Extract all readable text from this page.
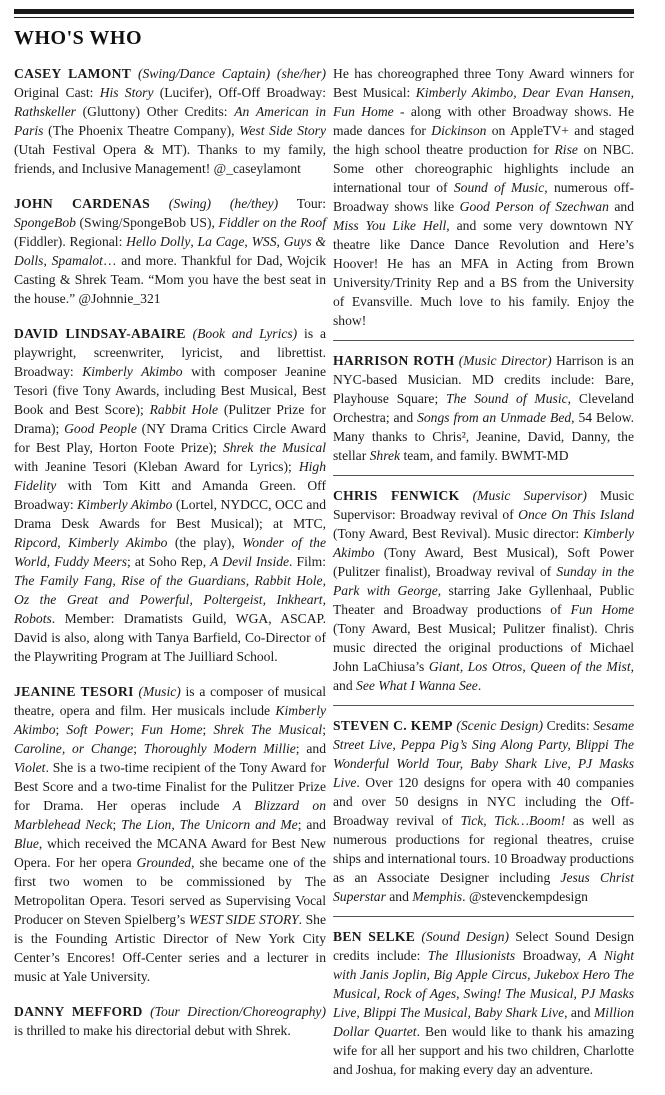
WHO'S WHO

CASEY LAMONT (Swing/Dance Captain) (she/her) Original Cast: His Story (Lucifer), Off-Off Broadway: Rathskeller (Gluttony) Other Credits: An American in Paris (The Phoenix Theatre Company), West Side Story (Utah Festival Opera & MT). Thanks to my family, friends, and Inclusive Management! @_caseylamont

JOHN CARDENAS (Swing) (he/they) Tour: SpongeBob (Swing/SpongeBob US), Fiddler on the Roof (Fiddler). Regional: Hello Dolly, La Cage, WSS, Guys & Dolls, Spamalot… and more. Thankful for Dad, Wojcik Casting & Shrek Team. “Mom you have the best seat in the house.” @Johnnie_321

DAVID LINDSAY-ABAIRE (Book and Lyrics) is a playwright, screenwriter, lyricist, and librettist. Broadway: Kimberly Akimbo with composer Jeanine Tesori (five Tony Awards, including Best Musical, Best Book and Best Score); Rabbit Hole (Pulitzer Prize for Drama); Good People (NY Drama Critics Circle Award for Best Play, Horton Foote Prize); Shrek the Musical with Jeanine Tesori (Kleban Award for Lyrics); High Fidelity with Tom Kitt and Amanda Green. Off Broadway: Kimberly Akimbo (Lortel, NYDCC, OCC and Drama Desk Awards for Best Musical); at MTC, Ripcord, Kimberly Akimbo (the play), Wonder of the World, Fuddy Meers; at Soho Rep, A Devil Inside. Film: The Family Fang, Rise of the Guardians, Rabbit Hole, Oz the Great and Powerful, Poltergeist, Inkheart, Robots. Member: Dramatists Guild, WGA, ASCAP. David is also, along with Tanya Barfield, Co-Director of the Playwriting Program at The Juilliard School.

JEANINE TESORI (Music) is a composer of musical theatre, opera and film. Her musicals include Kimberly Akimbo; Soft Power; Fun Home; Shrek The Musical; Caroline, or Change; Thoroughly Modern Millie; and Violet. She is a two-time recipient of the Tony Award for Best Score and a two-time Finalist for the Pulitzer Prize for Drama. Her operas include A Blizzard on Marblehead Neck; The Lion, The Unicorn and Me; and Blue, which received the MCANA Award for Best New Opera. For her opera Grounded, she became one of the first two women to be commissioned by The Metropolitan Opera. Tesori served as Supervising Vocal Producer on Steven Spielberg’s WEST SIDE STORY. She is the Founding Artistic Director of New York City Center’s Encores! Off-Center series and a lecturer in music at Yale University.

DANNY MEFFORD (Tour Direction/Choreography) is thrilled to make his directorial debut with Shrek.

He has choreographed three Tony Award winners for Best Musical: Kimberly Akimbo, Dear Evan Hansen, Fun Home - along with other Broadway shows. He made dances for Dickinson on AppleTV+ and staged the high school theatre production for Rise on NBC. Some other choreographic highlights include an international tour of Sound of Music, numerous off-Broadway shows like Good Person of Szechwan and Miss You Like Hell, and some very downtown NY theatre like Dance Dance Revolution and Here’s Hoover! He has an MFA in Acting from Brown University/Trinity Rep and a BS from the University of Evansville. Much love to his family. Enjoy the show!

HARRISON ROTH (Music Director) Harrison is an NYC-based Musician. MD credits include: Bare, Playhouse Square; The Sound of Music, Cleveland Orchestra; and Songs from an Unmade Bed, 54 Below. Many thanks to Chris², Jeanine, David, Danny, the stellar Shrek team, and family. BWMT-MD

CHRIS FENWICK (Music Supervisor) Music Supervisor: Broadway revival of Once On This Island (Tony Award, Best Revival). Music director: Kimberly Akimbo (Tony Award, Best Musical), Soft Power (Pulitzer finalist), Broadway revival of Sunday in the Park with George, starring Jake Gyllenhaal, Public Theater and Broadway productions of Fun Home (Tony Award, Best Musical; Pulitzer finalist). Chris music directed the original productions of Michael John LaChiusa’s Giant, Los Otros, Queen of the Mist, and See What I Wanna See.

STEVEN C. KEMP (Scenic Design) Credits: Sesame Street Live, Peppa Pig’s Sing Along Party, Blippi The Wonderful World Tour, Baby Shark Live, PJ Masks Live. Over 120 designs for opera with 40 companies and over 50 designs in NYC including the Off-Broadway revival of Tick, Tick…Boom! as well as numerous productions for regional theatres, cruise ships and international tours. 10 Broadway productions as an Associate Designer including Jesus Christ Superstar and Memphis. @stevenckempdesign

BEN SELKE (Sound Design) Select Sound Design credits include: The Illusionists Broadway, A Night with Janis Joplin, Big Apple Circus, Jukebox Hero The Musical, Rock of Ages, Swing! The Musical, PJ Masks Live, Blippi The Musical, Baby Shark Live, and Million Dollar Quartet. Ben would like to thank his amazing wife for all her support and his two children, Charlotte and Joshua, for making every day an adventure.
